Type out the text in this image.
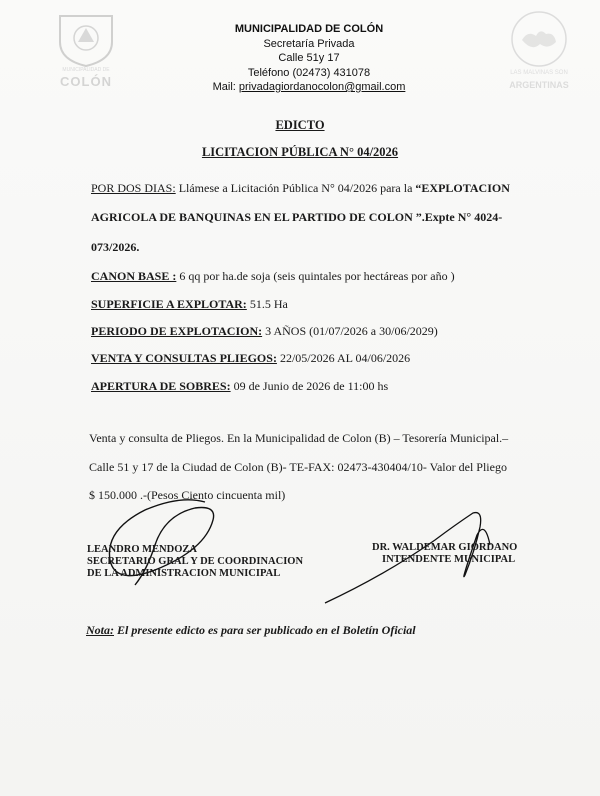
MUNICIPALIDAD DE
COLÓN
LAS MALVINAS SON
ARGENTINAS
MUNICIPALIDAD DE COLÓN
Secretaría Privada
Calle 51y 17
Teléfono (02473) 431078
Mail: privadagiordanocolon@gmail.com
EDICTO
LICITACION PÚBLICA N° 04/2026
POR DOS DIAS: Llámese a Licitación Pública N° 04/2026 para la “EXPLOTACION
AGRICOLA DE BANQUINAS EN EL PARTIDO DE COLON ”.Expte N° 4024-
073/2026.
CANON BASE : 6 qq por ha.de soja (seis quintales por hectáreas por año )
SUPERFICIE A EXPLOTAR: 51.5 Ha
PERIODO DE EXPLOTACION: 3 AÑOS (01/07/2026 a 30/06/2029)
VENTA Y CONSULTAS PLIEGOS: 22/05/2026 AL 04/06/2026
APERTURA DE SOBRES: 09 de Junio de 2026 de 11:00 hs
Venta y consulta de Pliegos. En la Municipalidad de Colon (B) – Tesorería Municipal.–
Calle 51 y 17 de la Ciudad de Colon (B)- TE-FAX: 02473-430404/10- Valor del Pliego
$ 150.000 .-(Pesos Ciento cincuenta mil)
LEANDRO MENDOZA
SECRETARIO GRAL Y DE COORDINACION
DE LA ADMINISTRACION MUNICIPAL
DR. WALDEMAR GIORDANO
INTENDENTE MUNICIPAL
Nota: El presente edicto es para ser publicado en el Boletín Oficial
